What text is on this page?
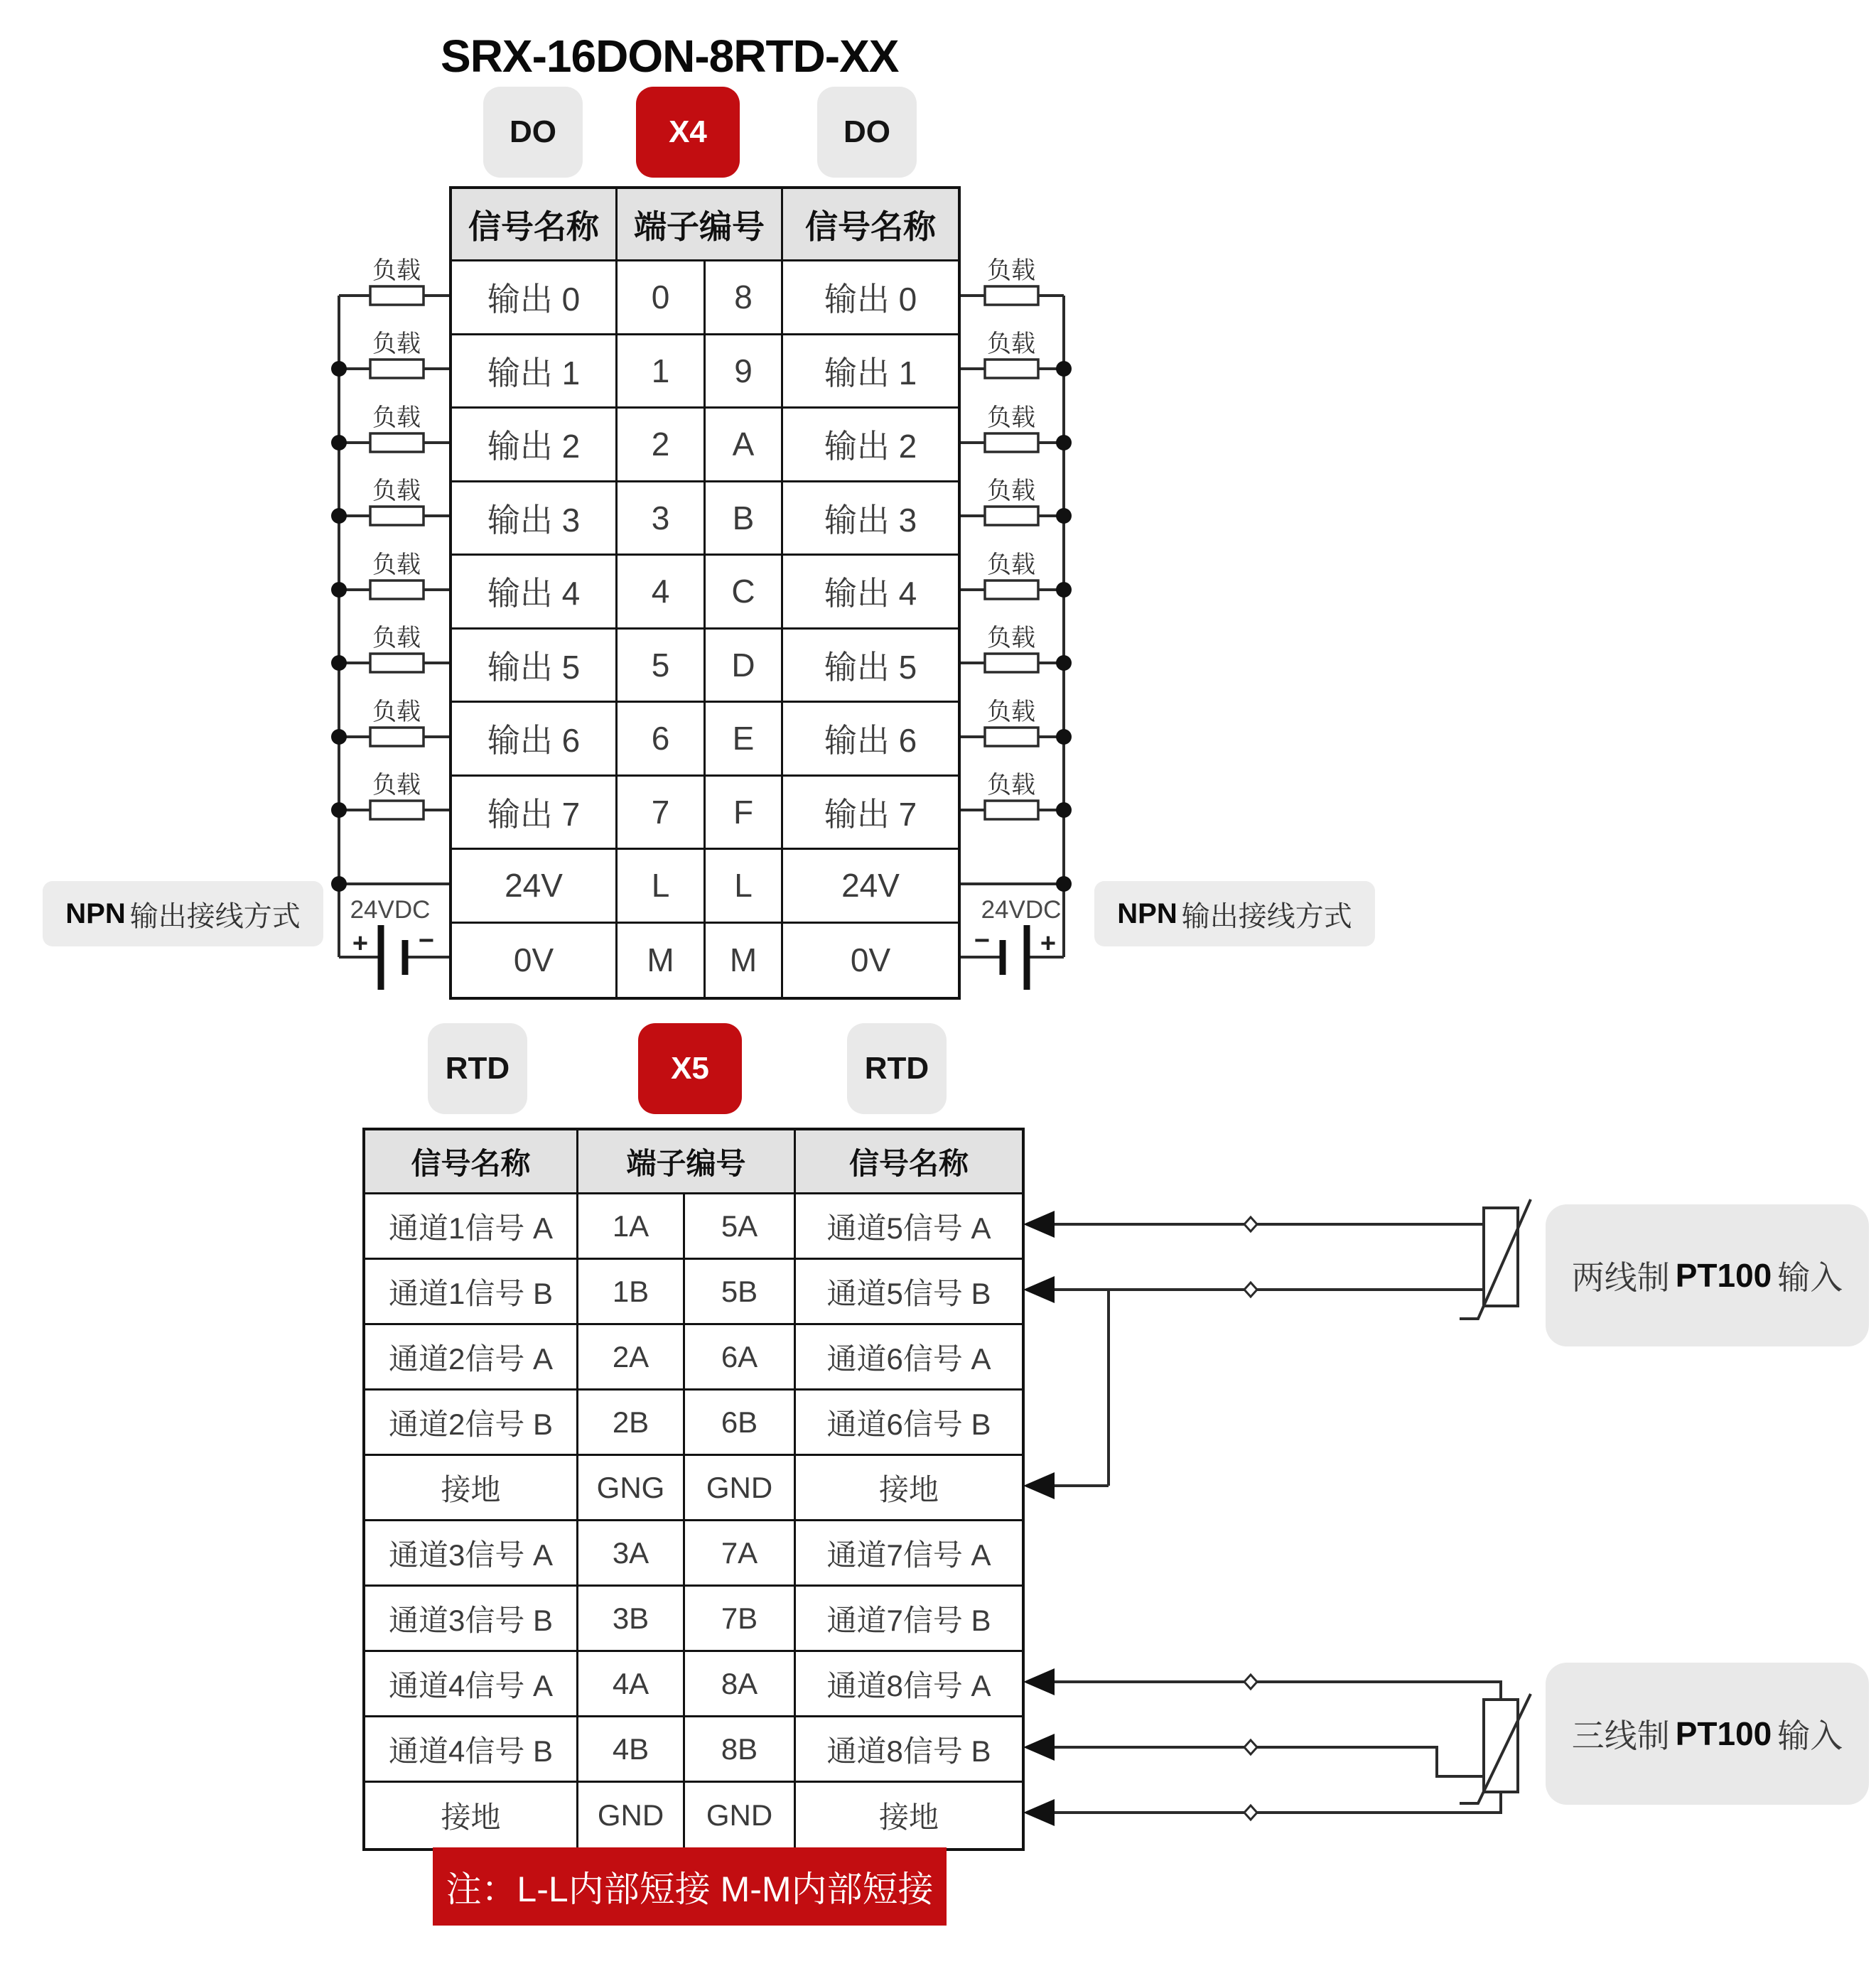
负载
负载
负载
负载
负载
负载
负载
负载
负载
负载
负载
负载
负载
负载
负载
负载
24VDC	24VDC
+ −	− +
SRX-16DON-8RTD-XX
DO	X4	DO
信号名称	端子编号	信号名称
输出 0	0	8	输出 0
输出 1	1	9	输出 1
输出 2	2	A	输出 2
输出 3	3	B	输出 3
输出 4	4	C	输出 4
输出 5	5	D	输出 5
输出 6	6	E	输出 6
输出 7	7	F	输出 7
24V	L	L	24V
0V	M	M	0V
NPN 输出接线方式	NPN 输出接线方式
RTD	X5	RTD
信号名称	端子编号	信号名称
通道1信号 A	1A	5A	通道5信号 A
通道1信号 B	1B	5B	通道5信号 B
通道2信号 A	2A	6A	通道6信号 A
通道2信号 B	2B	6B	通道6信号 B
接地	GNG	GND	接地
通道3信号 A	3A	7A	通道7信号 A
通道3信号 B	3B	7B	通道7信号 B
通道4信号 A	4A	8A	通道8信号 A
通道4信号 B	4B	8B	通道8信号 B
接地	GND	GND	接地
两线制 PT100 输入
三线制 PT100 输入
注：L-L内部短接 M-M内部短接
